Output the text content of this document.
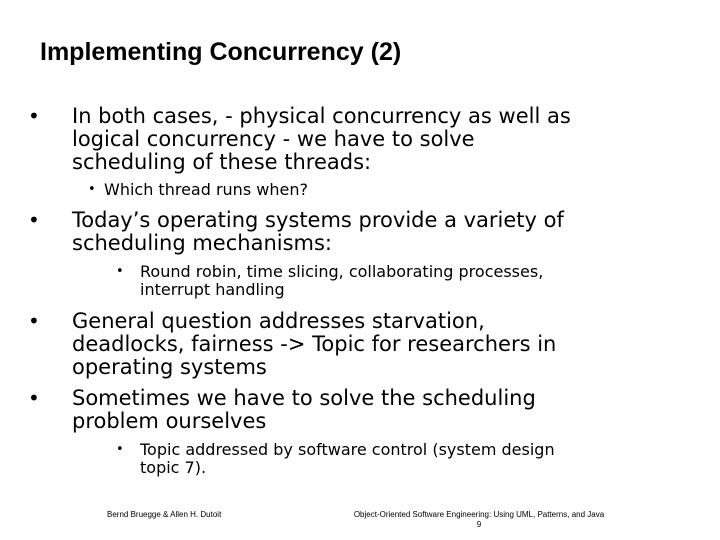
Implementing Concurrency (2)
• In both cases, - physical concurrency as well as
logical concurrency - we have to solve
scheduling of these threads:
• Which thread runs when?
• Today’s operating systems provide a variety of
scheduling mechanisms:
• Round robin, time slicing, collaborating processes,
interrupt handling
• General question addresses starvation,
deadlocks, fairness -> Topic for researchers in
operating systems
• Sometimes we have to solve the scheduling
problem ourselves
• Topic addressed by software control (system design
topic 7).
Bernd Bruegge & Allen H. Dutoit	Object-Oriented Software Engineering: Using UML, Patterns, and Java
9
